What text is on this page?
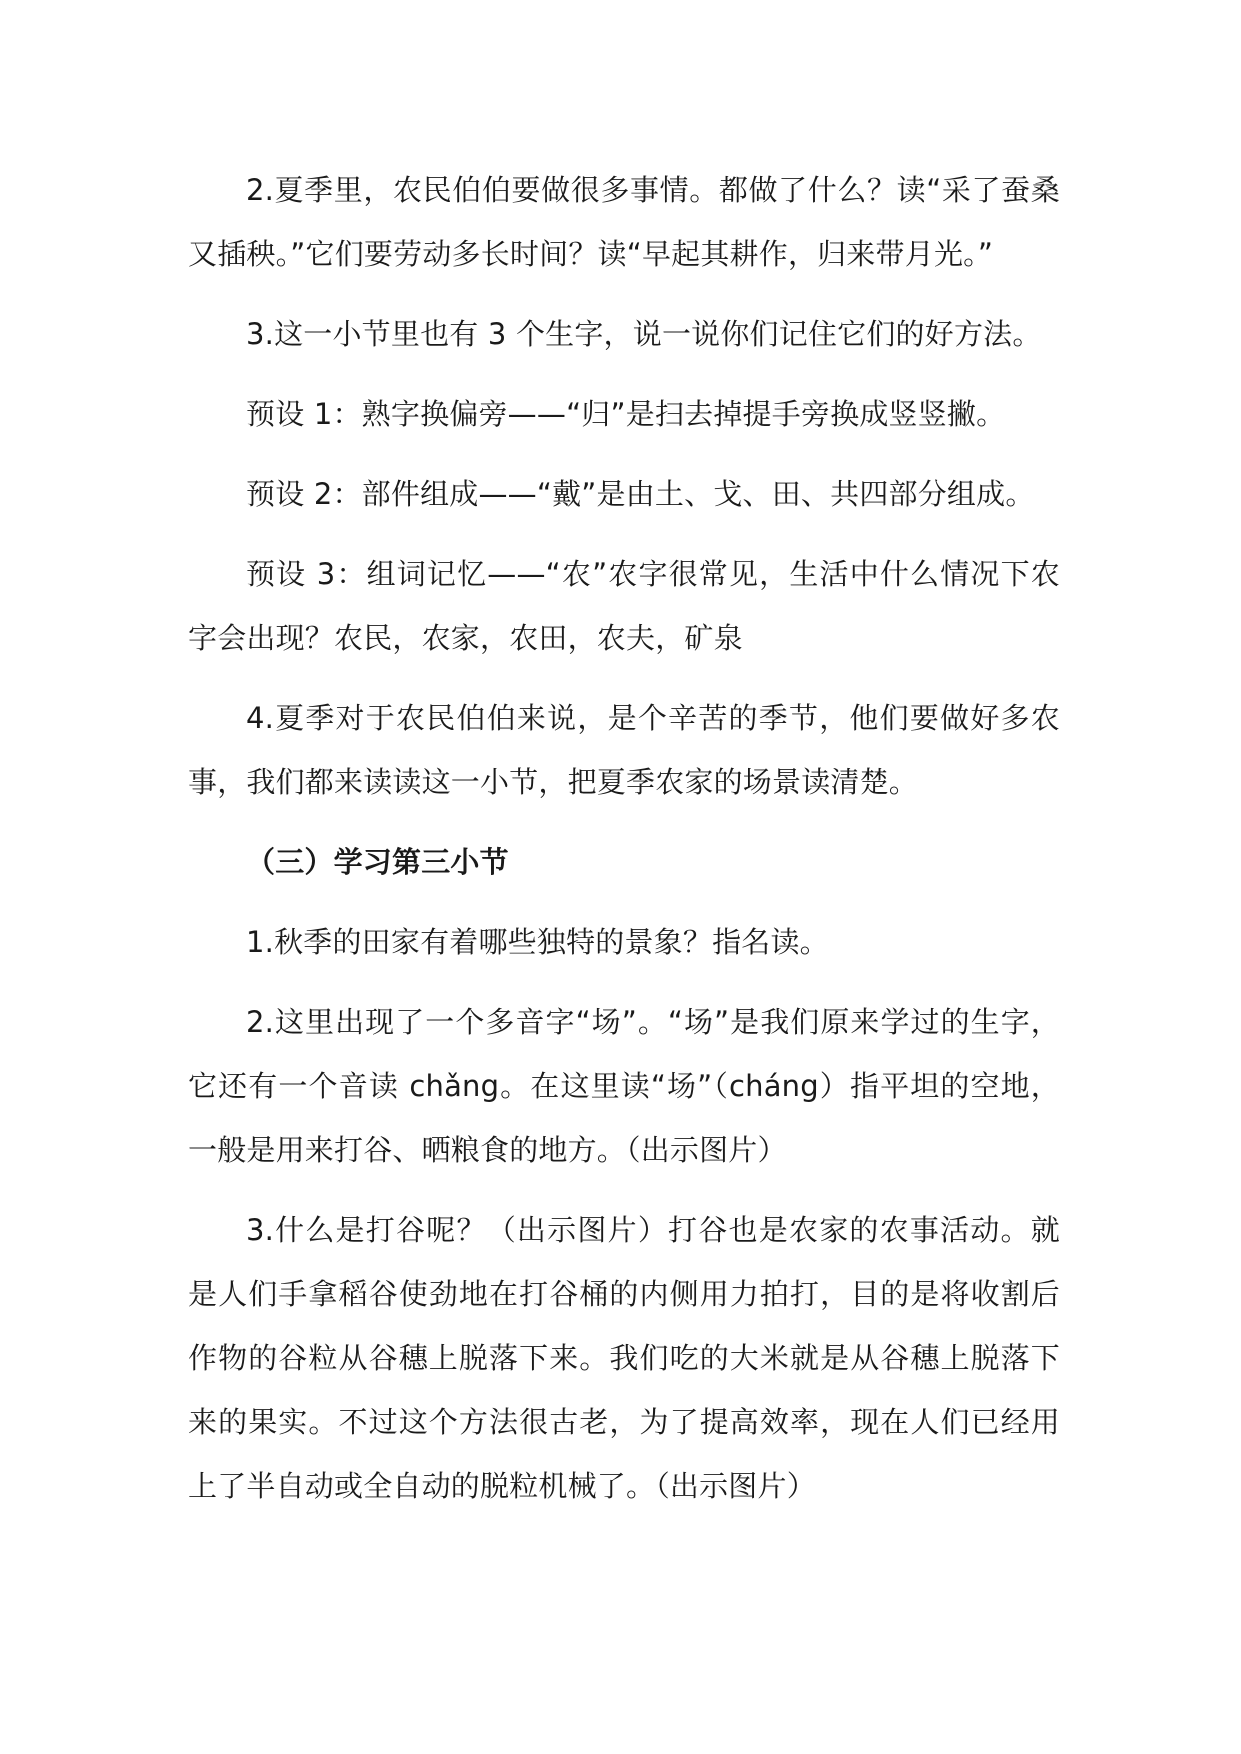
2.夏季里，农民伯伯要做很多事情。都做了什么？读“采了蚕桑又插秧。”它们要劳动多长时间？读“早起其耕作，归来带月光。”

3.这一小节里也有 3 个生字，说一说你们记住它们的好方法。

预设 1：熟字换偏旁——“归”是扫去掉提手旁换成竖竖撇。

预设 2：部件组成——“戴”是由土、戈、田、共四部分组成。

预设 3：组词记忆——“农”农字很常见，生活中什么情况下农字会出现？农民，农家，农田，农夫，矿泉

4.夏季对于农民伯伯来说，是个辛苦的季节，他们要做好多农事，我们都来读读这一小节，把夏季农家的场景读清楚。

（三）学习第三小节

1.秋季的田家有着哪些独特的景象？指名读。

2.这里出现了一个多音字“场”。“场”是我们原来学过的生字，它还有一个音读 chǎng。在这里读“场”（cháng）指平坦的空地，一般是用来打谷、晒粮食的地方。（出示图片）

3.什么是打谷呢？（出示图片）打谷也是农家的农事活动。就是人们手拿稻谷使劲地在打谷桶的内侧用力拍打，目的是将收割后作物的谷粒从谷穗上脱落下来。我们吃的大米就是从谷穗上脱落下来的果实。不过这个方法很古老，为了提高效率，现在人们已经用上了半自动或全自动的脱粒机械了。（出示图片）
